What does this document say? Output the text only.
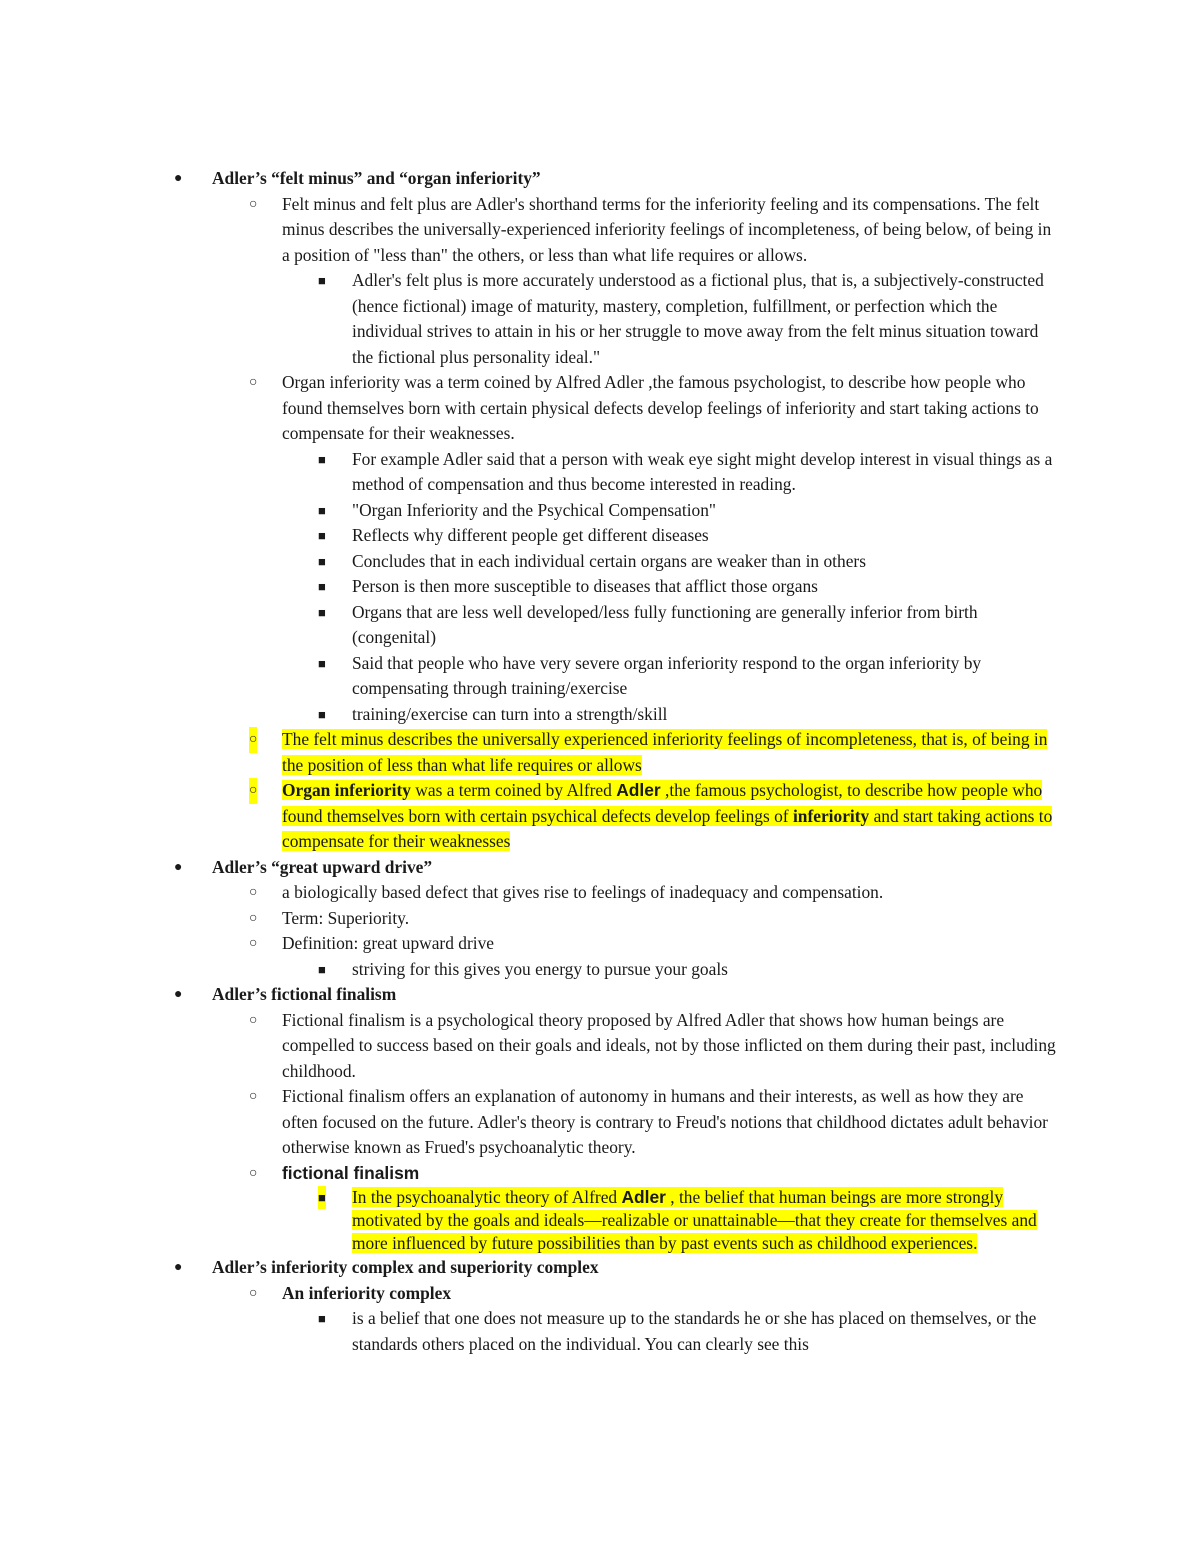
● Adler’s “felt minus” and “organ inferiority”
○ Felt minus and felt plus are Adler's shorthand terms for the inferiority feeling and its compensations. The felt minus describes the universally-experienced inferiority feelings of incompleteness, of being below, of being in a position of "less than" the others, or less than what life requires or allows.
■ Adler's felt plus is more accurately understood as a fictional plus, that is, a subjectively-constructed (hence fictional) image of maturity, mastery, completion, fulfillment, or perfection which the individual strives to attain in his or her struggle to move away from the felt minus situation toward the fictional plus personality ideal."
○ Organ inferiority was a term coined by Alfred Adler ,the famous psychologist, to describe how people who found themselves born with certain physical defects develop feelings of inferiority and start taking actions to compensate for their weaknesses.
■ For example Adler said that a person with weak eye sight might develop interest in visual things as a method of compensation and thus become interested in reading.
■ "Organ Inferiority and the Psychical Compensation"
■ Reflects why different people get different diseases
■ Concludes that in each individual certain organs are weaker than in others
■ Person is then more susceptible to diseases that afflict those organs
■ Organs that are less well developed/less fully functioning are generally inferior from birth (congenital)
■ Said that people who have very severe organ inferiority respond to the organ inferiority by compensating through training/exercise
■ training/exercise can turn into a strength/skill
○ The felt minus describes the universally experienced inferiority feelings of incompleteness, that is, of being in the position of less than what life requires or allows
○ Organ inferiority was a term coined by Alfred Adler ,the famous psychologist, to describe how people who found themselves born with certain psychical defects develop feelings of inferiority and start taking actions to compensate for their weaknesses
● Adler’s “great upward drive”
○ a biologically based defect that gives rise to feelings of inadequacy and compensation.
○ Term: Superiority.
○ Definition: great upward drive
■ striving for this gives you energy to pursue your goals
● Adler’s fictional finalism
○ Fictional finalism is a psychological theory proposed by Alfred Adler that shows how human beings are compelled to success based on their goals and ideals, not by those inflicted on them during their past, including childhood.
○ Fictional finalism offers an explanation of autonomy in humans and their interests, as well as how they are often focused on the future. Adler's theory is contrary to Freud's notions that childhood dictates adult behavior otherwise known as Frued's psychoanalytic theory.
○ fictional finalism
■ In the psychoanalytic theory of Alfred Adler , the belief that human beings are more strongly motivated by the goals and ideals—realizable or unattainable—that they create for themselves and more influenced by future possibilities than by past events such as childhood experiences.
● Adler’s inferiority complex and superiority complex
○ An inferiority complex
■ is a belief that one does not measure up to the standards he or she has placed on themselves, or the standards others placed on the individual. You can clearly see this
